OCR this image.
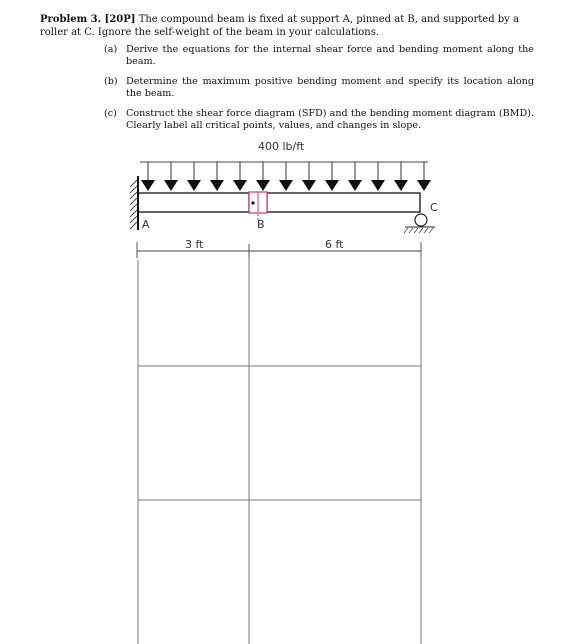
Problem 3. [20P] The compound beam is fixed at support A, pinned at B, and supported by a roller at C. Ignore the self-weight of the beam in your calculations.
(a) Derive the equations for the internal shear force and bending moment along the beam.
(b) Determine the maximum positive bending moment and specify its location along the beam.
(c) Construct the shear force diagram (SFD) and the bending moment diagram (BMD). Clearly label all critical points, values, and changes in slope.
400 lb/ft
A	B
C
3 ft	6 ft
